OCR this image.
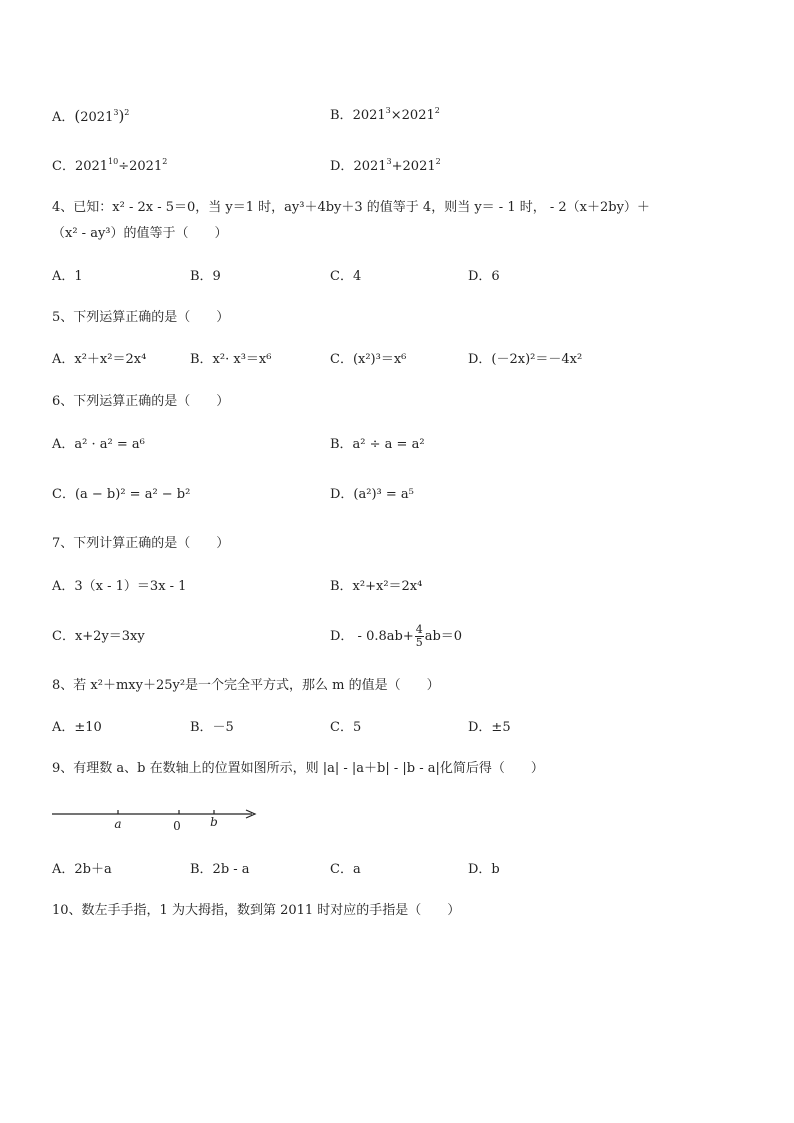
A．$(2021^3)^2$	B．$2021^3\times 2021^2$
C．$2021^{10}\div 2021^2$	D．$2021^3+2021^2$
4、已知：x² - 2x - 5＝0，当 y＝1 时，ay³＋4by＋3 的值等于 4，则当 y＝ - 1 时， - 2（x＋2by）＋
（x² - ay³）的值等于（　　）
A．1	B．9	C．4	D．6
5、下列运算正确的是（　　）
A．x²＋x²＝2x⁴	B．x²· x³＝x⁶	C．(x²)³＝x⁶	D．(－2x)²＝－4x²
6、下列运算正确的是（　　）
A．a² · a² = a⁶	B．a² ÷ a = a²
C．(a − b)² = a² − b²	D．(a²)³ = a⁵
7、下列计算正确的是（　　）
A．3（x - 1）＝3x - 1	B．x²+x²＝2x⁴
C．x+2y＝3xy	D． - $0.8ab+ \frac{4}{5} ab=0$
8、若 x²＋mxy＋25y²是一个完全平方式，那么 m 的值是（　　）
A．±10	B．－5	C．5	D．±5
9、有理数 a、b 在数轴上的位置如图所示，则 |a| - |a＋b| - |b - a|化简后得（　　）
a	0 b
A．2b＋a	B．2b - a	C．a	D．b
10、数左手手指，1 为大拇指，数到第 2011 时对应的手指是（　　）
